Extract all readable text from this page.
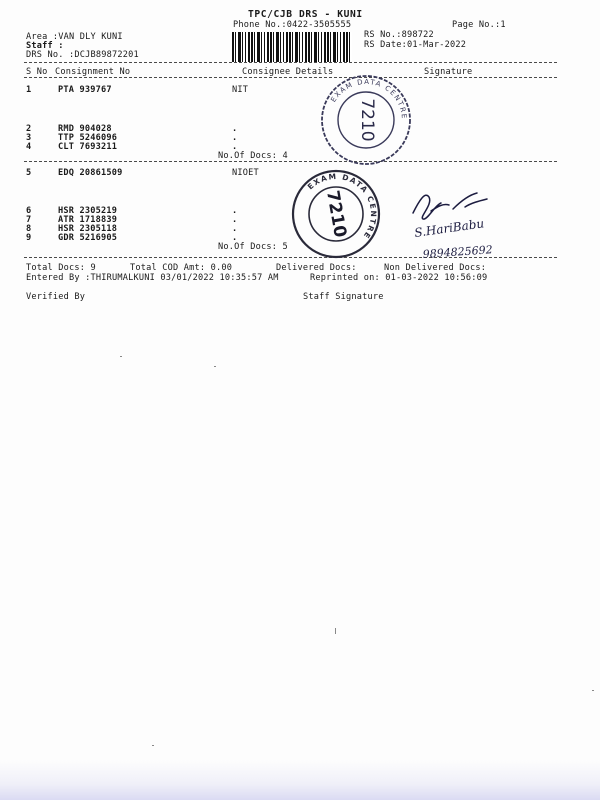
TPC/CJB DRS - KUNI
Phone No.:0422-3505555	Page No.:1
Area :VAN DLY KUNI
Staff :
DRS No. :DCJB89872201
RS No.:898722
RS Date:01-Mar-2022
S No Consignment No	Consignee Details	Signature
1	PTA 939767	NIT
2	RMD 904028	.
3	TTP 5246096	.
4	CLT 7693211	.
No.Of Docs: 4
5	EDQ 20861509	NIOET
6	HSR 2305219	.
7	ATR 1718839	.
8	HSR 2305118	.
9	GDR 5216905	.
No.Of Docs: 5
Total Docs: 9	Total COD Amt: 0.00	Delivered Docs:	Non Delivered Docs:
Entered By :THIRUMALKUNI 03/01/2022 10:35:57 AM	Reprinted on: 01-03-2022 10:56:09
Verified By	Staff Signature
EXAM DATA CENTRE
7210
EXAM DATA CENTRE
7210	S.HariBabu
9894825692
